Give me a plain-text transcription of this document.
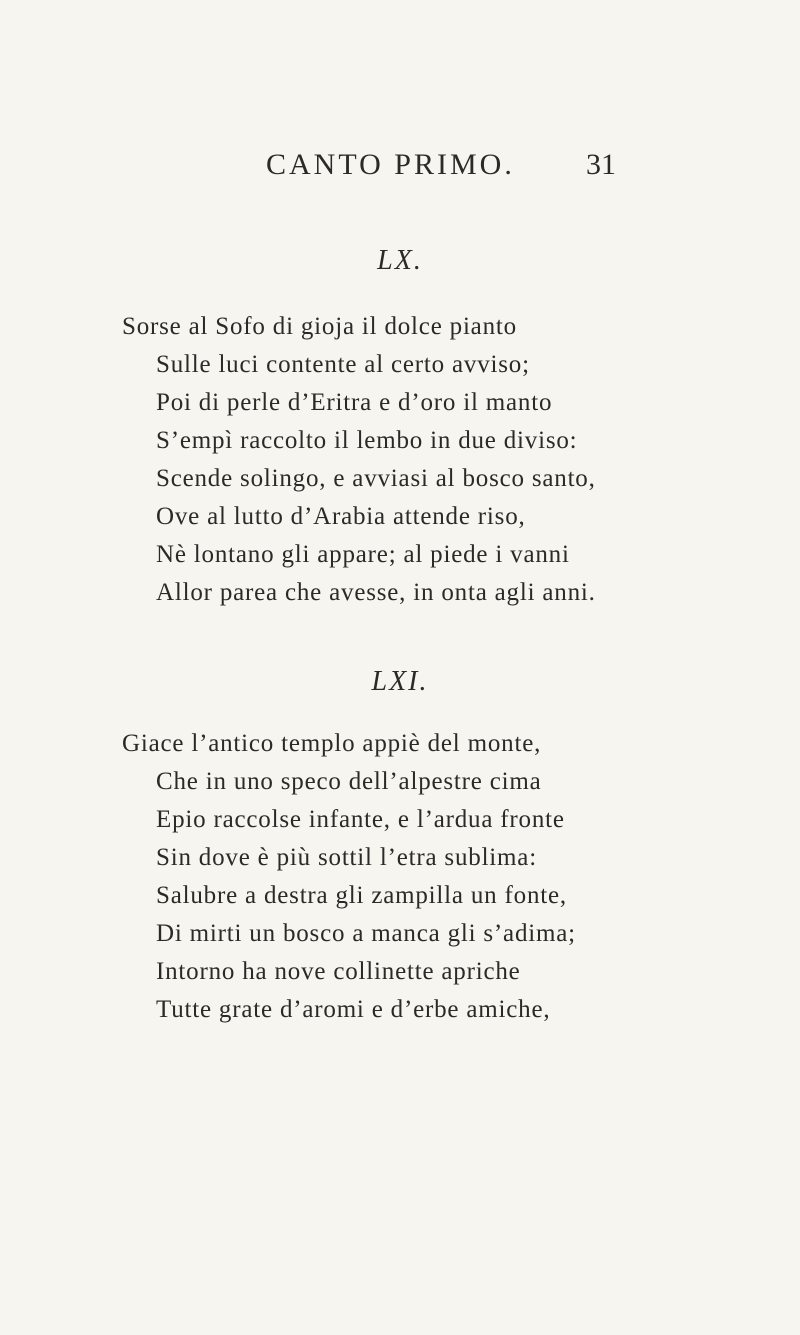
CANTO PRIMO. 31
LX.
Sorse al Sofo di gioja il dolce pianto
Sulle luci contente al certo avviso;
Poi di perle d’Eritra e d’oro il manto
S’empì raccolto il lembo in due diviso:
Scende solingo, e avviasi al bosco santo,
Ove al lutto d’Arabia attende riso,
Nè lontano gli appare; al piede i vanni
Allor parea che avesse, in onta agli anni.
LXI.
Giace l’antico templo appiè del monte,
Che in uno speco dell’alpestre cima
Epio raccolse infante, e l’ardua fronte
Sin dove è più sottil l’etra sublima:
Salubre a destra gli zampilla un fonte,
Di mirti un bosco a manca gli s’adima;
Intorno ha nove collinette apriche
Tutte grate d’aromi e d’erbe amiche,
